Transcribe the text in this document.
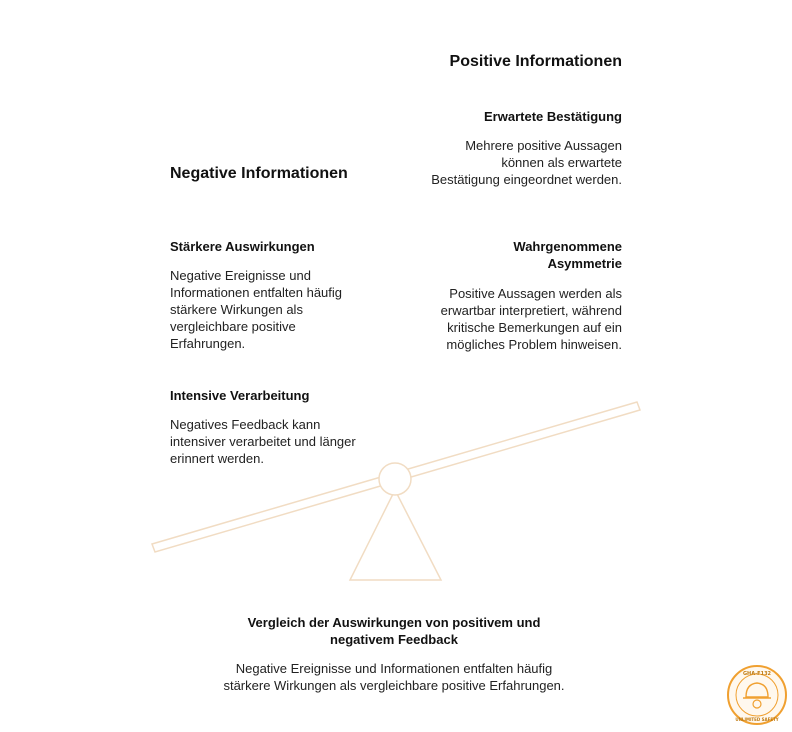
Negative Informationen
Stärkere Auswirkungen
Negative Ereignisse und Informationen entfalten häufig stärkere Wirkungen als vergleichbare positive Erfahrungen.
Intensive Verarbeitung
Negatives Feedback kann intensiver verarbeitet und länger erinnert werden.
Positive Informationen
Erwartete Bestätigung
Mehrere positive Aussagen können als erwartete Bestätigung eingeordnet werden.
Wahrgenommene Asymmetrie
Positive Aussagen werden als erwartbar interpretiert, während kritische Bemerkungen auf ein mögliches Problem hinweisen.
Vergleich der Auswirkungen von positivem und negativem Feedback
Negative Ereignisse und Informationen entfalten häufig stärkere Wirkungen als vergleichbare positive Erfahrungen.
GHA-F132
UNLIMITED SAFETY
